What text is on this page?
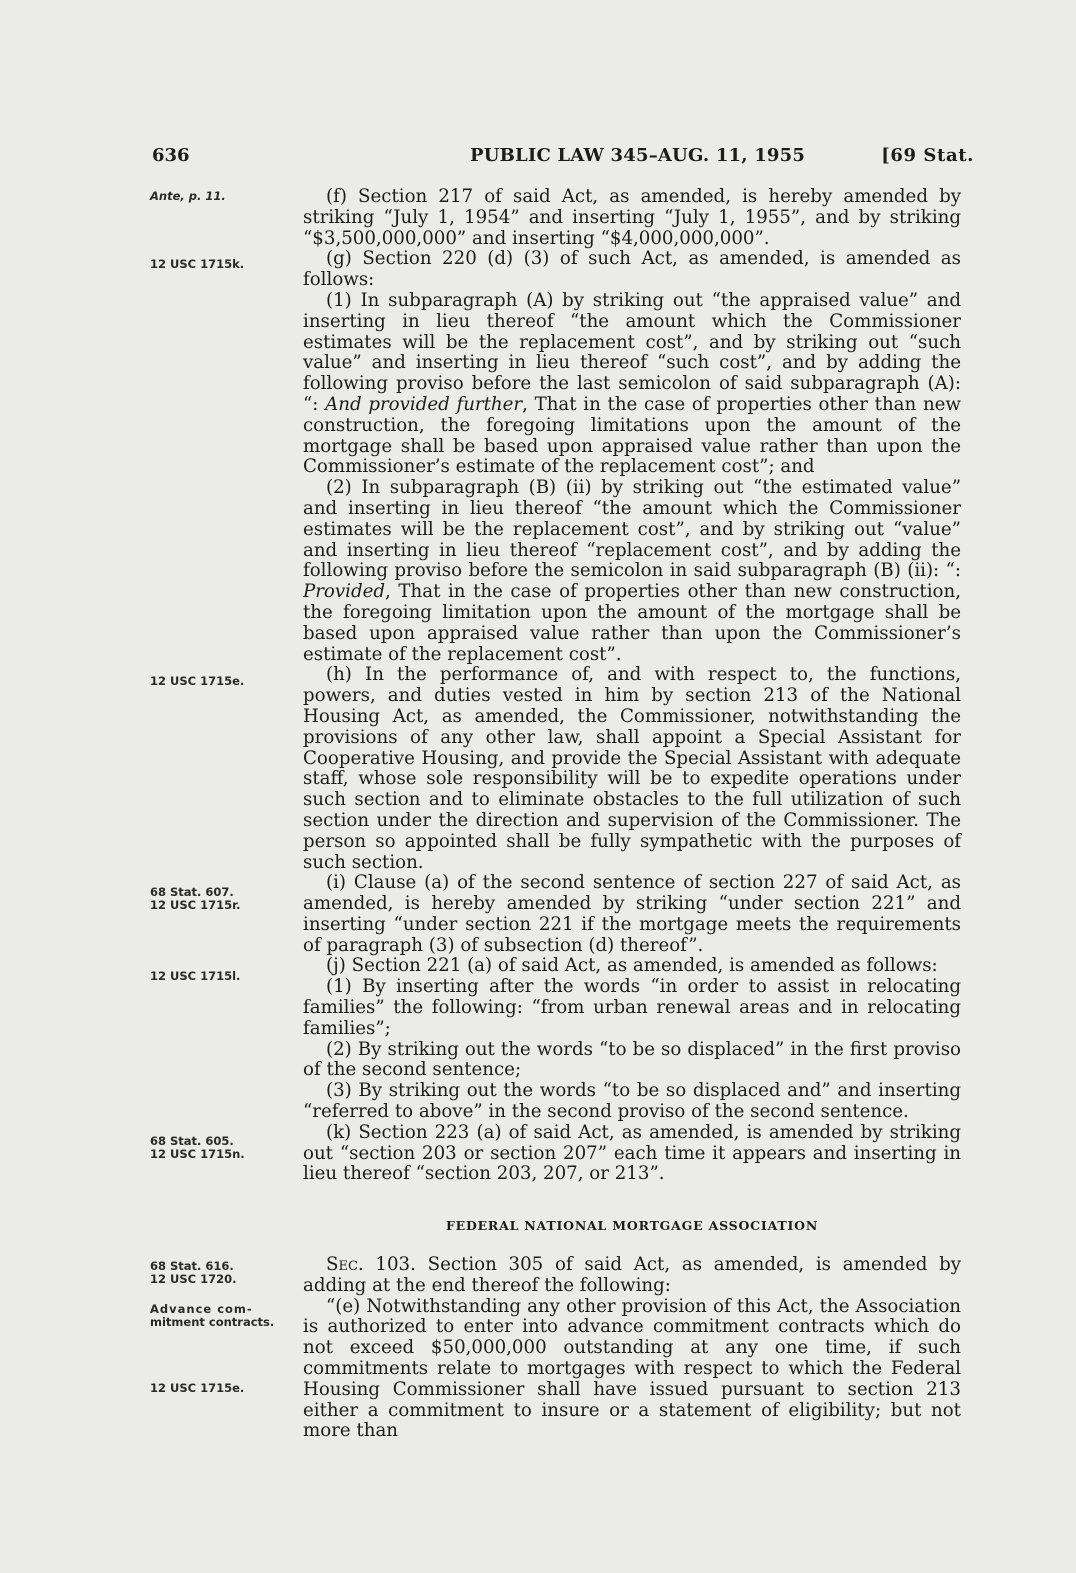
636	PUBLIC LAW 345–AUG. 11, 1955	[69 Stat.
Ante, p. 11.
12 USC 1715k.
12 USC 1715e.
68 Stat. 607.
12 USC 1715r.
12 USC 1715l.
68 Stat. 605.
12 USC 1715n.
68 Stat. 616.
12 USC 1720.
Advance com-
mitment contracts.
12 USC 1715e.

(f) Section 217 of said Act, as amended, is hereby amended by striking “July 1, 1954” and inserting “July 1, 1955”, and by striking “$3,500,000,000” and inserting “$4,000,000,000”.

(g) Section 220 (d) (3) of such Act, as amended, is amended as follows:

(1) In subparagraph (A) by striking out “the appraised value” and inserting in lieu thereof “the amount which the Commissioner estimates will be the replacement cost”, and by striking out “such value” and inserting in lieu thereof “such cost”, and by adding the following proviso before the last semicolon of said subparagraph (A): “: And provided further, That in the case of properties other than new construction, the foregoing limitations upon the amount of the mortgage shall be based upon appraised value rather than upon the Commissioner’s estimate of the replacement cost”; and

(2) In subparagraph (B) (ii) by striking out “the estimated value” and inserting in lieu thereof “the amount which the Commissioner estimates will be the replacement cost”, and by striking out “value” and inserting in lieu thereof “replacement cost”, and by adding the following proviso before the semicolon in said subparagraph (B) (ii): “: Provided, That in the case of properties other than new construction, the foregoing limitation upon the amount of the mortgage shall be based upon appraised value rather than upon the Commissioner’s estimate of the replacement cost”.

(h) In the performance of, and with respect to, the functions, powers, and duties vested in him by section 213 of the National Housing Act, as amended, the Commissioner, notwithstanding the provisions of any other law, shall appoint a Special Assistant for Cooperative Housing, and provide the Special Assistant with adequate staff, whose sole responsibility will be to expedite operations under such section and to eliminate obstacles to the full utilization of such section under the direction and supervision of the Commissioner. The person so appointed shall be fully sympathetic with the purposes of such section.

(i) Clause (a) of the second sentence of section 227 of said Act, as amended, is hereby amended by striking “under section 221” and inserting “under section 221 if the mortgage meets the requirements of paragraph (3) of subsection (d) thereof”.

(j) Section 221 (a) of said Act, as amended, is amended as follows:

(1) By inserting after the words “in order to assist in relocating families” the following: “from urban renewal areas and in relocating families”;

(2) By striking out the words “to be so displaced” in the first proviso of the second sentence;

(3) By striking out the words “to be so displaced and” and inserting “referred to above” in the second proviso of the second sentence.

(k) Section 223 (a) of said Act, as amended, is amended by striking out “section 203 or section 207” each time it appears and inserting in lieu thereof “section 203, 207, or 213”.

FEDERAL NATIONAL MORTGAGE ASSOCIATION

Sec. 103. Section 305 of said Act, as amended, is amended by adding at the end thereof the following:

“(e) Notwithstanding any other provision of this Act, the Association is authorized to enter into advance commitment contracts which do not exceed $50,000,000 outstanding at any one time, if such commitments relate to mortgages with respect to which the Federal Housing Commissioner shall have issued pursuant to section 213 either a commitment to insure or a statement of eligibility; but not more than
